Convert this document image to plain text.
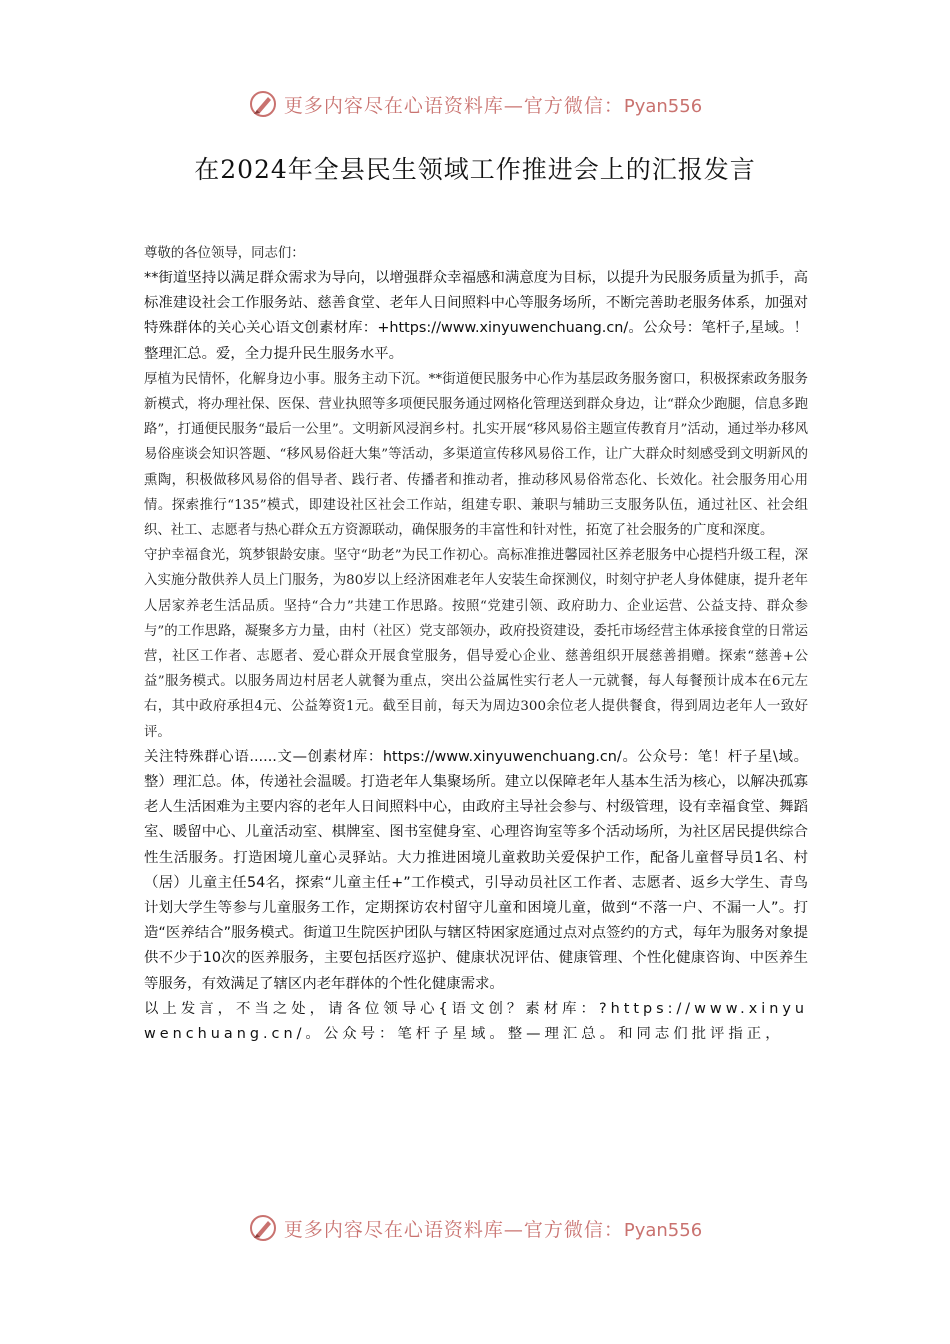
更多内容尽在心语资料库—官方微信：Pyan556
在2024年全县民生领域工作推进会上的汇报发言

尊敬的各位领导，同志们：

**街道坚持以满足群众需求为导向，以增强群众幸福感和满意度为目标，以提升为民服务质量为抓手，高标准建设社会工作服务站、慈善食堂、老年人日间照料中心等服务场所，不断完善助老服务体系，加强对特殊群体的关心关心语文创素材库：+https://www.xinyuwenchuang.cn/。公众号：笔杆子,星域。！整理汇总。爱，全力提升民生服务水平。

厚植为民情怀，化解身边小事。服务主动下沉。**街道便民服务中心作为基层政务服务窗口，积极探索政务服务新模式，将办理社保、医保、营业执照等多项便民服务通过网格化管理送到群众身边，让“群众少跑腿，信息多跑路”，打通便民服务“最后一公里”。文明新风浸润乡村。扎实开展“移风易俗主题宣传教育月”活动，通过举办移风易俗座谈会知识答题、“移风易俗赶大集”等活动，多渠道宣传移风易俗工作，让广大群众时刻感受到文明新风的熏陶，积极做移风易俗的倡导者、践行者、传播者和推动者，推动移风易俗常态化、长效化。社会服务用心用情。探索推行“135”模式，即建设社区社会工作站，组建专职、兼职与辅助三支服务队伍，通过社区、社会组织、社工、志愿者与热心群众五方资源联动，确保服务的丰富性和针对性，拓宽了社会服务的广度和深度。

守护幸福食光，筑梦银龄安康。坚守“助老”为民工作初心。高标准推进馨园社区养老服务中心提档升级工程，深入实施分散供养人员上门服务，为80岁以上经济困难老年人安装生命探测仪，时刻守护老人身体健康，提升老年人居家养老生活品质。坚持“合力”共建工作思路。按照“党建引领、政府助力、企业运营、公益支持、群众参与”的工作思路，凝聚多方力量，由村（社区）党支部领办，政府投资建设，委托市场经营主体承接食堂的日常运营，社区工作者、志愿者、爱心群众开展食堂服务，倡导爱心企业、慈善组织开展慈善捐赠。探索“慈善+公益”服务模式。以服务周边村居老人就餐为重点，突出公益属性实行老人一元就餐，每人每餐预计成本在6元左右，其中政府承担4元、公益筹资1元。截至目前，每天为周边300余位老人提供餐食，得到周边老年人一致好评。

关注特殊群心语......文—创素材库：https://www.xinyuwenchuang.cn/。公众号：笔！杆子星\域。整）理汇总。体，传递社会温暖。打造老年人集聚场所。建立以保障老年人基本生活为核心，以解决孤寡老人生活困难为主要内容的老年人日间照料中心，由政府主导社会参与、村级管理，设有幸福食堂、舞蹈室、暖留中心、儿童活动室、棋牌室、图书室健身室、心理咨询室等多个活动场所，为社区居民提供综合性生活服务。打造困境儿童心灵驿站。大力推进困境儿童救助关爱保护工作，配备儿童督导员1名、村（居）儿童主任54名，探索“儿童主任+”工作模式，引导动员社区工作者、志愿者、返乡大学生、青鸟计划大学生等参与儿童服务工作，定期探访农村留守儿童和困境儿童，做到“不落一户、不漏一人”。打造“医养结合”服务模式。街道卫生院医护团队与辖区特困家庭通过点对点签约的方式，每年为服务对象提供不少于10次的医养服务，主要包括医疗巡护、健康状况评估、健康管理、个性化健康咨询、中医养生等服务，有效满足了辖区内老年群体的个性化健康需求。

以上发言，不当之处，请各位领导心{语文创？素材库：?https://www.xinyuwenchuang.cn/。公众号：笔杆子星域。整—理汇总。和同志们批评指正，

更多内容尽在心语资料库—官方微信：Pyan556
